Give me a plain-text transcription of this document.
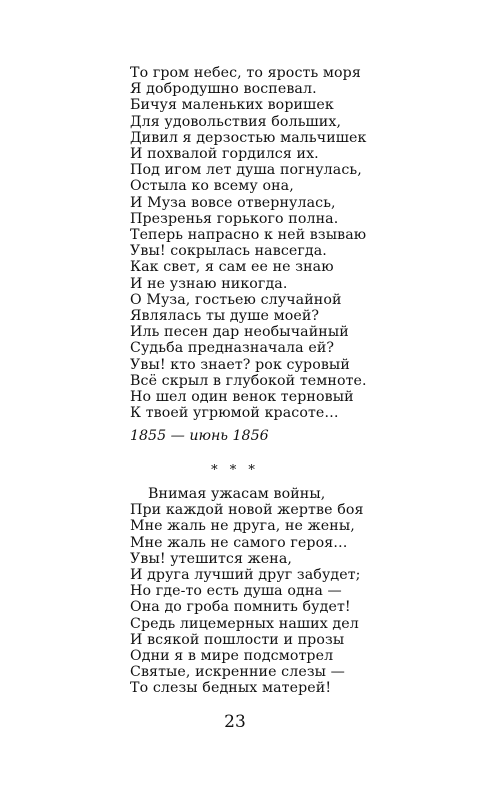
То гром небес, то ярость моря
Я добродушно воспевал.
Бичуя маленьких воришек
Для удовольствия больших,
Дивил я дерзостью мальчишек
И похвалой гордился их.
Под игом лет душа погнулась,
Остыла ко всему она,
И Муза вовсе отвернулась,
Презренья горького полна.
Теперь напрасно к ней взываю
Увы! сокрылась навсегда.
Как свет, я сам ее не знаю
И не узнаю никогда.
О Муза, гостьею случайной
Являлась ты душе моей?
Иль песен дар необычайный
Судьба предназначала ей?
Увы! кто знает? рок суровый
Всё скрыл в глубокой темноте.
Но шел один венок терновый
К твоей угрюмой красоте…
1855 — июнь 1856
* * *
Внимая ужасам войны,
При каждой новой жертве боя
Мне жаль не друга, не жены,
Мне жаль не самого героя…
Увы! утешится жена,
И друга лучший друг забудет;
Но где-то есть душа одна —
Она до гроба помнить будет!
Средь лицемерных наших дел
И всякой пошлости и прозы
Одни я в мире подсмотрел
Святые, искренние слезы —
То слезы бедных матерей!
23
